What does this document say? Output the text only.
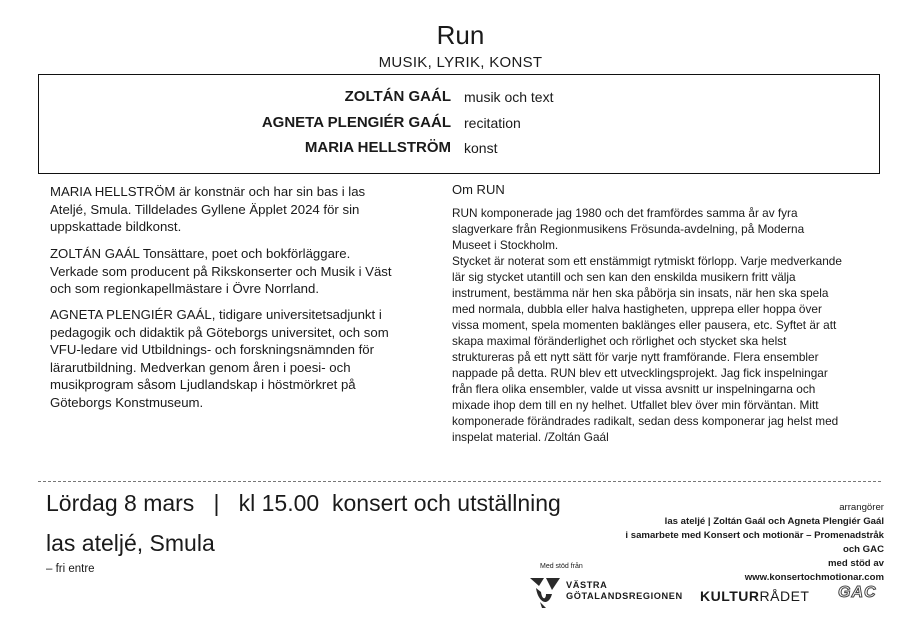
Run
MUSIK, LYRIK, KONST
ZOLTÁN GAÁL musik och text
AGNETA PLENGIÉR GAÁL recitation
MARIA HELLSTRÖM konst

MARIA HELLSTRÖM är konstnär och har sin bas i las Ateljé, Smula. Tilldelades Gyllene Äpplet 2024 för sin uppskattade bildkonst.

ZOLTÁN GAÁL Tonsättare, poet och bokförläggare. Verkade som producent på Rikskonserter och Musik i Väst och som regionkapellmästare i Övre Norrland.

AGNETA PLENGIÉR GAÁL, tidigare universitetsadjunkt i pedagogik och didaktik på Göteborgs universitet, och som VFU-ledare vid Utbildnings- och forskningsnämnden för lärarutbildning. Medverkan genom åren i poesi- och musikprogram såsom Ljudlandskap i höstmörkret på Göteborgs Konstmuseum.

Om RUN

RUN komponerade jag 1980 och det framfördes samma år av fyra slagverkare från Regionmusikens Frösunda-avdelning, på Moderna Museet i Stockholm.

Stycket är noterat som ett enstämmigt rytmiskt förlopp. Varje medverkande lär sig stycket utantill och sen kan den enskilda musikern fritt välja instrument, bestämma när hen ska påbörja sin insats, när hen ska spela med normala, dubbla eller halva hastigheten, upprepa eller hoppa över vissa moment, spela momenten baklänges eller pausera, etc. Syftet är att skapa maximal föränderlighet och rörlighet och stycket ska helst struktureras på ett nytt sätt för varje nytt framförande. Flera ensembler nappade på detta. RUN blev ett utvecklingsprojekt. Jag fick inspelningar från flera olika ensembler, valde ut vissa avsnitt ur inspelningarna och mixade ihop dem till en ny helhet. Utfallet blev över min förväntan. Mitt komponerade förändrades radikalt, sedan dess komponerar jag helst med inspelat material. /Zoltán Gaál

Lördag 8 mars | kl 15.00 konsert och utställning
las ateljé, Smula
– fri entre
arrangörer
las ateljé | Zoltán Gaál och Agneta Plengiér Gaál
i samarbete med Konsert och motionär – Promenadstråk
och GAC
med stöd av
www.konsertochmotionar.com
Med stöd från
VÄSTRA
GÖTALANDSREGIONEN KULTURRÅDET GAC
